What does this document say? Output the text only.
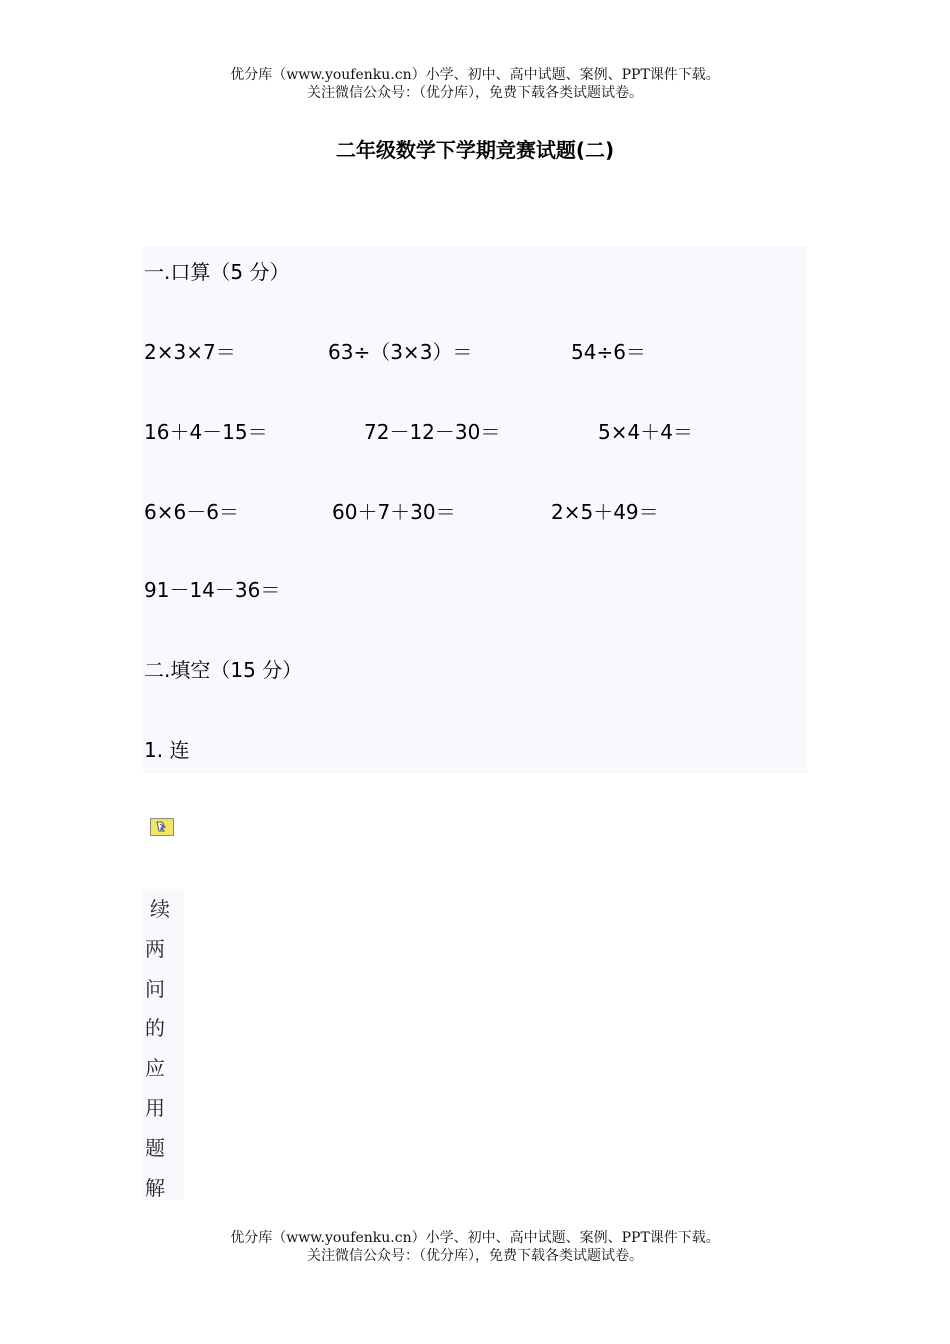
优分库（www.youfenku.cn）小学、初中、高中试题、案例、PPT课件下载。
关注微信公众号：（优分库），免费下载各类试题试卷。
二年级数学下学期竞赛试题(二)
一.口算（5 分）
2×3×7＝	63÷（3×3）＝	54÷6＝
16＋4－15＝	72－12－30＝	5×4＋4＝
6×6－6＝	60＋7＋30＝	2×5＋49＝
91－14－36＝
二.填空（15 分）
1. 连
续
两
问
的
应
用
题
解
优分库（www.youfenku.cn）小学、初中、高中试题、案例、PPT课件下载。
关注微信公众号：（优分库），免费下载各类试题试卷。
